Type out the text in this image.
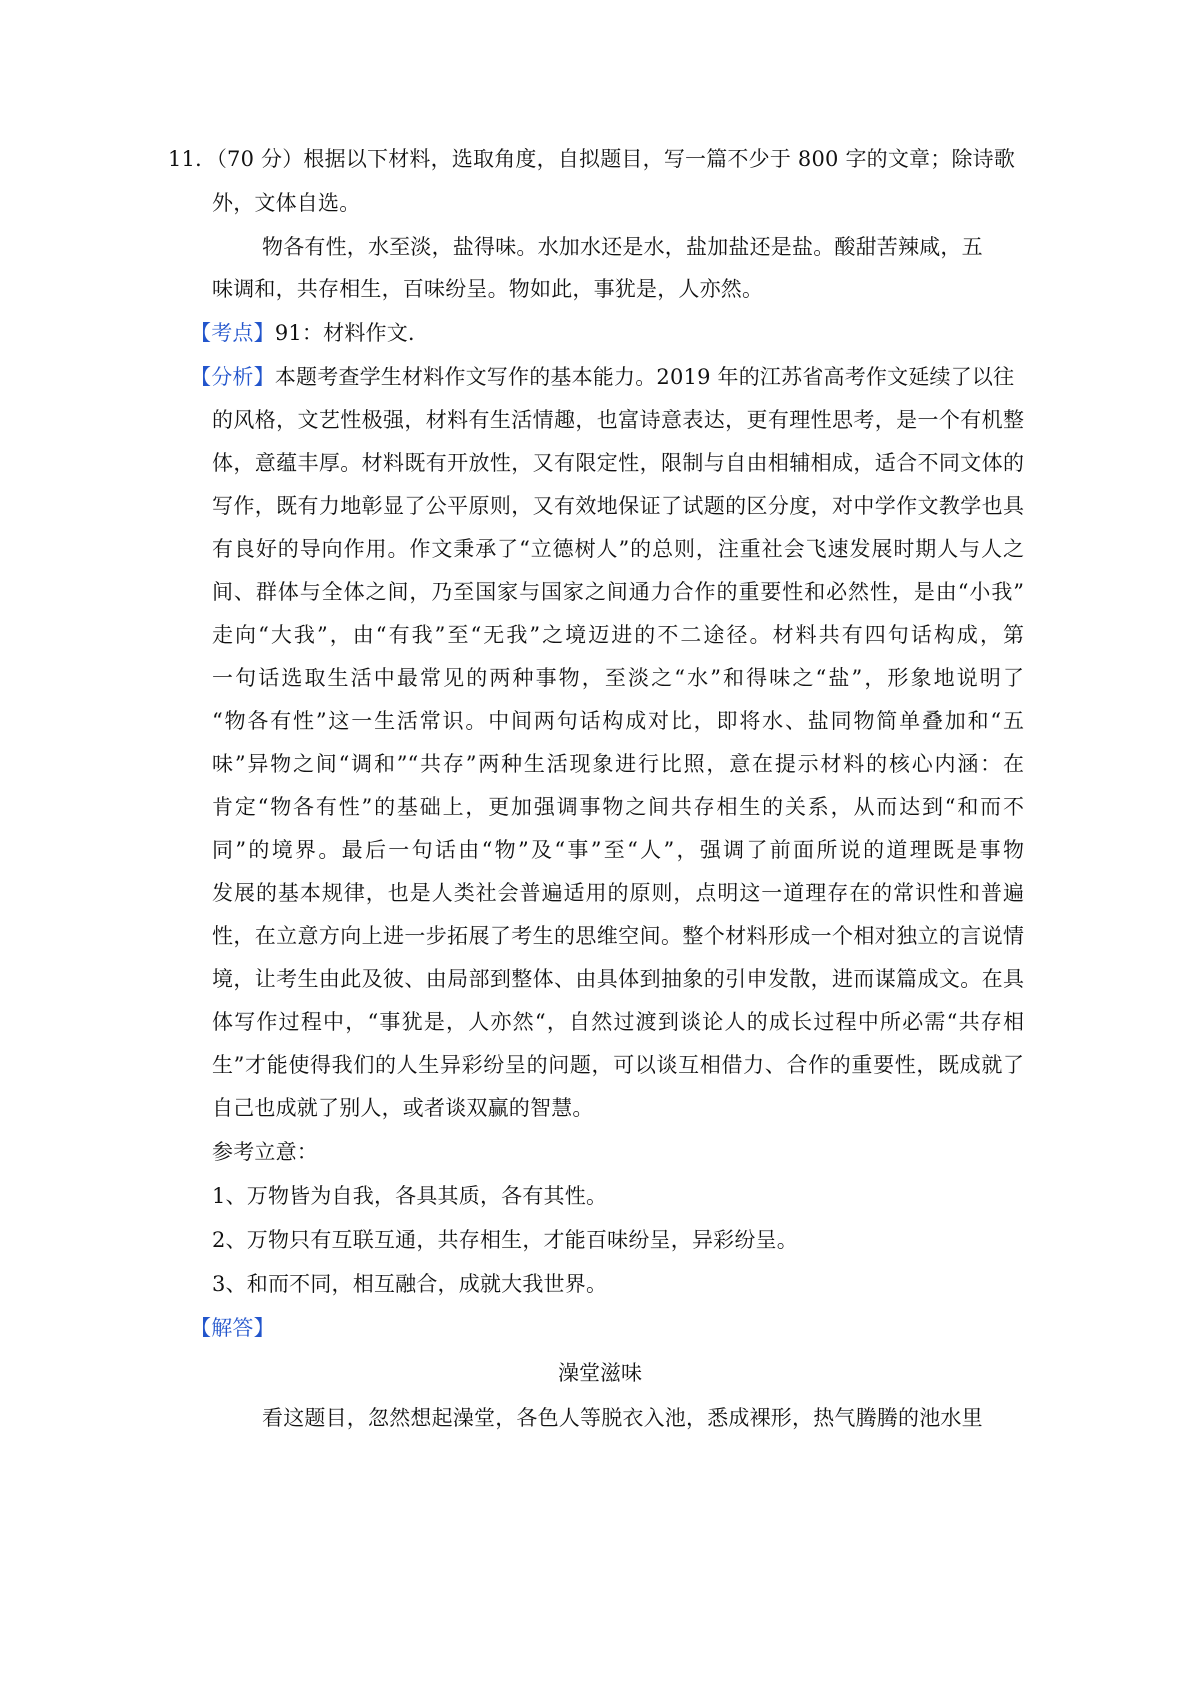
11．（70 分）根据以下材料，选取角度，自拟题目，写一篇不少于 800 字的文章；除诗歌
外，文体自选。
物各有性，水至淡，盐得味。水加水还是水，盐加盐还是盐。酸甜苦辣咸，五
味调和，共存相生，百味纷呈。物如此，事犹是，人亦然。
【考点】91：材料作文.
【分析】本题考查学生材料作文写作的基本能力。2019 年的江苏省高考作文延续了以往
的风格，文艺性极强，材料有生活情趣，也富诗意表达，更有理性思考，是一个有机整
体，意蕴丰厚。材料既有开放性，又有限定性，限制与自由相辅相成，适合不同文体的
写作，既有力地彰显了公平原则，又有效地保证了试题的区分度，对中学作文教学也具
有良好的导向作用。作文秉承了“立德树人”的总则，注重社会飞速发展时期人与人之
间、群体与全体之间，乃至国家与国家之间通力合作的重要性和必然性，是由“小我”
走向“大我”，由“有我”至“无我”之境迈进的不二途径。材料共有四句话构成，第
一句话选取生活中最常见的两种事物，至淡之“水”和得味之“盐”，形象地说明了
“物各有性”这一生活常识。中间两句话构成对比，即将水、盐同物简单叠加和“五
味”异物之间“调和”“共存”两种生活现象进行比照，意在提示材料的核心内涵：在
肯定“物各有性”的基础上，更加强调事物之间共存相生的关系，从而达到“和而不
同”的境界。最后一句话由“物”及“事”至“人”，强调了前面所说的道理既是事物
发展的基本规律，也是人类社会普遍适用的原则，点明这一道理存在的常识性和普遍
性，在立意方向上进一步拓展了考生的思维空间。整个材料形成一个相对独立的言说情
境，让考生由此及彼、由局部到整体、由具体到抽象的引申发散，进而谋篇成文。在具
体写作过程中，“事犹是，人亦然“，自然过渡到谈论人的成长过程中所必需“共存相
生”才能使得我们的人生异彩纷呈的问题，可以谈互相借力、合作的重要性，既成就了
自己也成就了别人，或者谈双赢的智慧。
参考立意：
1、万物皆为自我，各具其质，各有其性。
2、万物只有互联互通，共存相生，才能百味纷呈，异彩纷呈。
3、和而不同，相互融合，成就大我世界。
【解答】
澡堂滋味
看这题目，忽然想起澡堂，各色人等脱衣入池，悉成裸形，热气腾腾的池水里
